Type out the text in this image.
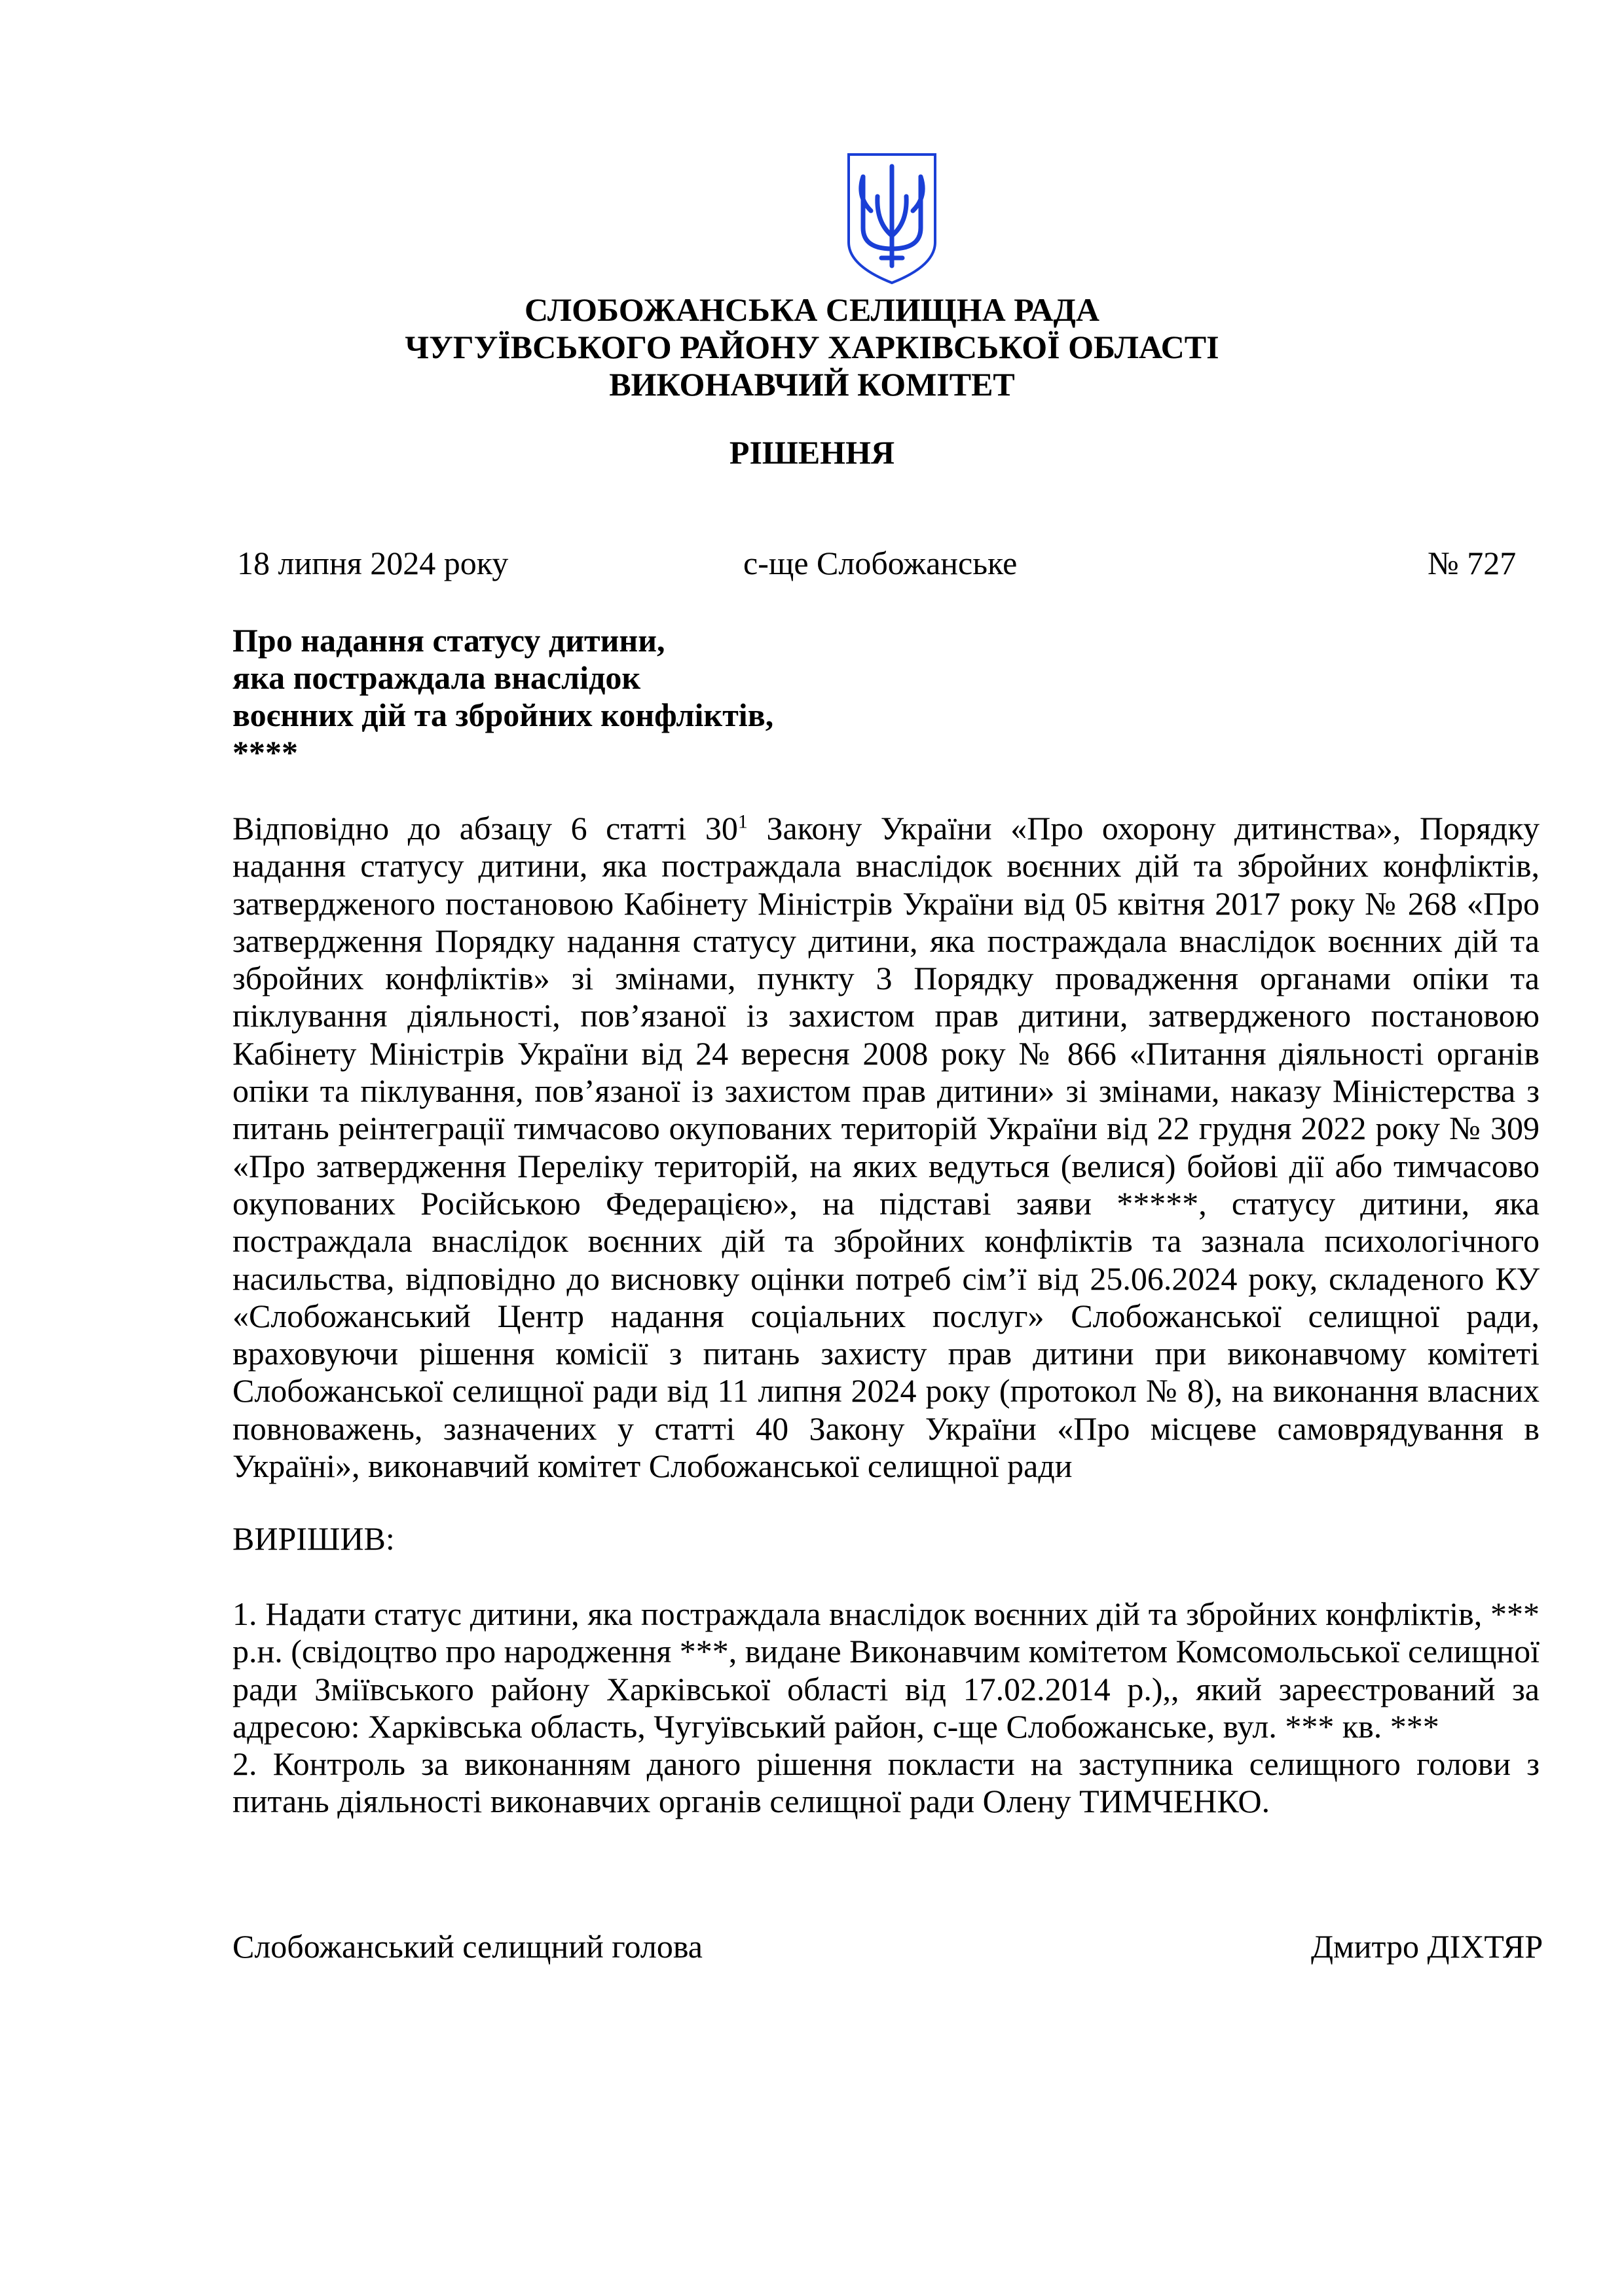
СЛОБОЖАНСЬКА СЕЛИЩНА РАДА
ЧУГУЇВСЬКОГО РАЙОНУ ХАРКІВСЬКОЇ ОБЛАСТІ
ВИКОНАВЧИЙ КОМІТЕТ
РІШЕННЯ
18 липня 2024 року	с-ще Слобожанське	№ 727
Про надання статусу дитини,
яка постраждала внаслідок
воєнних дій та збройних конфліктів,
****

Відповідно до абзацу 6 статті $30^1$ Закону України «Про охорону дитинства», Порядку надання статусу дитини, яка постраждала внаслідок воєнних дій та збройних конфліктів, затвердженого постановою Кабінету Міністрів України від 05 квітня 2017 року № 268 «Про затвердження Порядку надання статусу дитини, яка постраждала внаслідок воєнних дій та збройних конфліктів» зі змінами, пункту 3 Порядку провадження органами опіки та піклування діяльності, пов’язаної із захистом прав дитини, затвердженого постановою Кабінету Міністрів України від 24 вересня 2008 року № 866 «Питання діяльності органів опіки та піклування, пов’язаної із захистом прав дитини» зі змінами, наказу Міністерства з питань реінтеграції тимчасово окупованих територій України від 22 грудня 2022 року № 309 «Про затвердження Переліку територій, на яких ведуться (велися) бойові дії або тимчасово окупованих Російською Федерацією», на підставі заяви *****, статусу дитини, яка постраждала внаслідок воєнних дій та збройних конфліктів та зазнала психологічного насильства, відповідно до висновку оцінки потреб сім’ї від 25.06.2024 року, складеного КУ «Слобожанський Центр надання соціальних послуг» Слобожанської селищної ради, враховуючи рішення комісії з питань захисту прав дитини при виконавчому комітеті Слобожанської селищної ради від 11 липня 2024 року (протокол № 8), на виконання власних повноважень, зазначених у статті 40 Закону України «Про місцеве самоврядування в Україні», виконавчий комітет Слобожанської селищної ради

ВИРІШИВ:

1. Надати статус дитини, яка постраждала внаслідок воєнних дій та збройних конфліктів, *** р.н. (свідоцтво про народження ***, видане Виконавчим комітетом Комсомольської селищної ради Зміївського району Харківської області від 17.02.2014 р.),, який зареєстрований за адресою: Харківська область, Чугуївський район, с-ще Слобожанське, вул. *** кв. ***

2. Контроль за виконанням даного рішення покласти на заступника селищного голови з питань діяльності виконавчих органів селищної ради Олену ТИМЧЕНКО.

Слобожанський селищний голова	Дмитро ДІХТЯР
